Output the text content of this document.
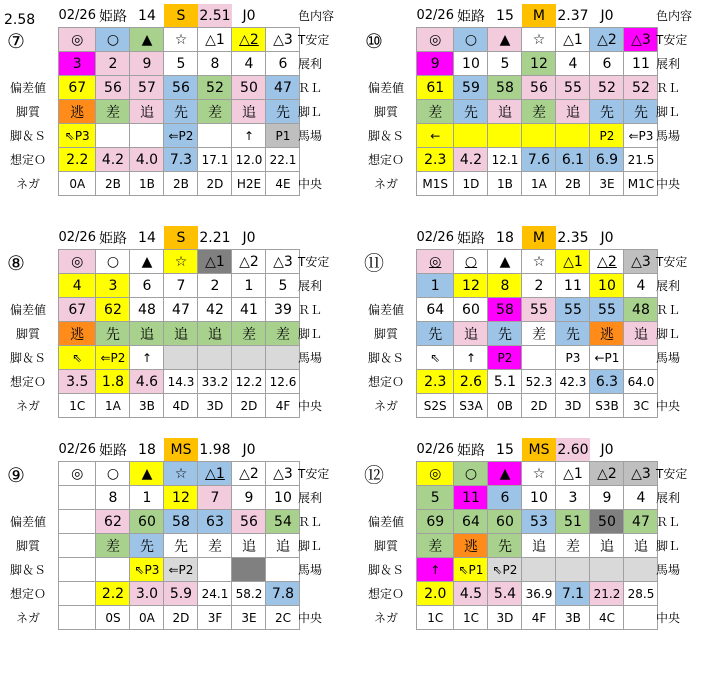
2.58
⑦
02/26	姫路	14	S	2.51	J0	
◎	○	▲	☆	△1	△2	△3
3	2	9	5	8	4	6
67	56	57	56	52	50	47
逃	差	追	先	差	追	先
⇖P3			⇐P2		↑	P1
2.2	4.2	4.0	7.3	17.1	12.0	22.1
0A	2B	1B	2B	2D	H2E	4E
T安定
展利
ＲＬ
脚Ｌ
馬場
中央
色内容
偏差値
脚質
脚＆Ｓ
想定Ｏ
ネガ
⑩
02/26	姫路	15	M	2.37	J0	
◎	○	▲	☆	△1	△2	△3
9	10	5	12	4	6	11
61	59	58	56	55	52	52
差	先	追	差	追	先	先
←					P2	⇐P3
2.3	4.2	12.1	7.6	6.1	6.9	21.5
M1S	1D	1B	1A	2B	3E	M1C
T安定
展利
ＲＬ
脚Ｌ
馬場
中央
色内容
偏差値
脚質
脚＆Ｓ
想定Ｏ
ネガ
⑧
02/26	姫路	14	S	2.21	J0	
◎	○	▲	☆	△1	△2	△3
4	3	6	7	2	1	5
67	62	48	47	42	41	39
逃	先	追	追	追	差	差
⇖	⇐P2	↑				
3.5	1.8	4.6	14.3	33.2	12.2	12.6
1C	1A	3B	4D	3D	2D	4F
T安定
展利
ＲＬ
脚Ｌ
馬場
中央
偏差値
脚質
脚＆Ｓ
想定Ｏ
ネガ
⑪
02/26	姫路	18	M	2.35	J0	
◎	○	▲	☆	△1	△2	△3
1	12	8	2	11	10	4
64	60	58	55	55	55	48
先	追	先	差	先	逃	追
⇖	↑	P2		P3	←P1	
2.3	2.6	5.1	52.3	42.3	6.3	64.0
S2S	S3A	0B	2D	3D	S3B	3C
T安定
展利
ＲＬ
脚Ｌ
馬場
中央
偏差値
脚質
脚＆Ｓ
想定Ｏ
ネガ
⑨
02/26	姫路	18	MS	1.98	J0	
◎	○	▲	☆	△1	△2	△3
	8	1	12	7	9	10
	62	60	58	63	56	54
	差	先	先	差	追	追
		⇖P3	⇐P2			
	2.2	3.0	5.9	24.1	58.2	7.8
	0S	0A	2D	3F	3E	2C
T安定
展利
ＲＬ
脚Ｌ
馬場
中央
偏差値
脚質
脚＆Ｓ
想定Ｏ
ネガ
⑫
02/26	姫路	15	MS	2.60	J0	
◎	○	▲	☆	△1	△2	△3
5	11	6	10	3	9	4
69	64	60	53	51	50	47
差	逃	先	追	差	追	追
↑	⇖P1	⇖P2				
2.0	4.5	5.4	36.9	7.1	21.2	28.5
1C	1C	3D	4F	3B	4C	
T安定
展利
ＲＬ
脚Ｌ
馬場
中央
偏差値
脚質
脚＆Ｓ
想定Ｏ
ネガ
